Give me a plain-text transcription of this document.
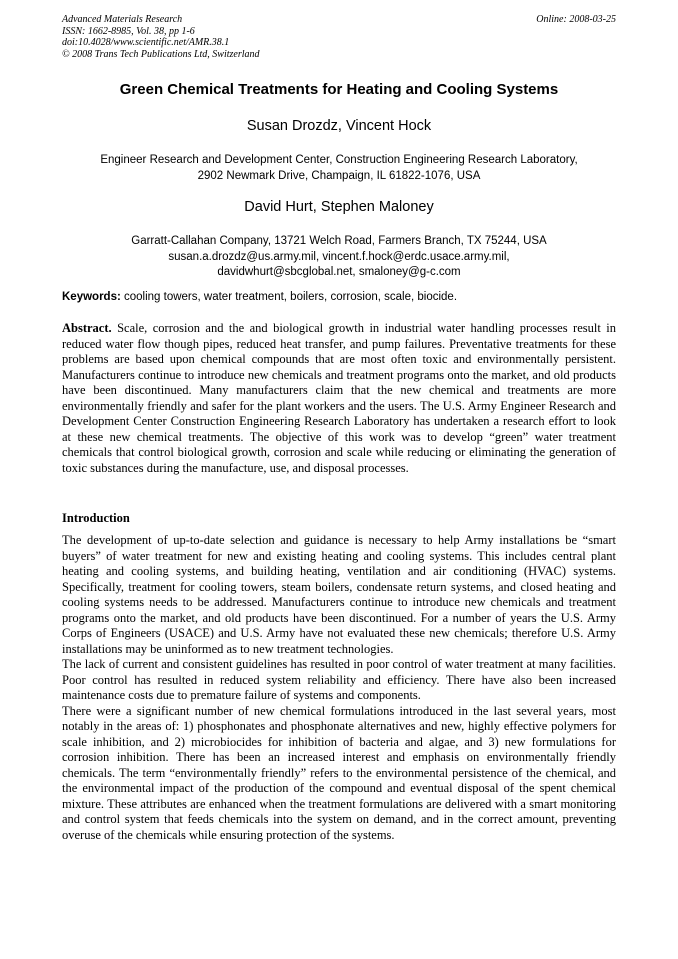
Advanced Materials Research
ISSN: 1662-8985, Vol. 38, pp 1-6
doi:10.4028/www.scientific.net/AMR.38.1
© 2008 Trans Tech Publications Ltd, Switzerland
Online: 2008-03-25
Green Chemical Treatments for Heating and Cooling Systems
Susan Drozdz, Vincent Hock
Engineer Research and Development Center, Construction Engineering Research Laboratory,
2902 Newmark Drive, Champaign, IL 61822-1076, USA
David Hurt, Stephen Maloney
Garratt-Callahan Company, 13721 Welch Road, Farmers Branch, TX 75244, USA
susan.a.drozdz@us.army.mil, vincent.f.hock@erdc.usace.army.mil,
davidwhurt@sbcglobal.net, smaloney@g-c.com
Keywords: cooling towers, water treatment, boilers, corrosion, scale, biocide.
Abstract. Scale, corrosion and the and biological growth in industrial water handling processes result in reduced water flow though pipes, reduced heat transfer, and pump failures. Preventative treatments for these problems are based upon chemical compounds that are most often toxic and environmentally persistent. Manufacturers continue to introduce new chemicals and treatment programs onto the market, and old products have been discontinued. Many manufacturers claim that the new chemical and treatments are more environmentally friendly and safer for the plant workers and the users. The U.S. Army Engineer Research and Development Center Construction Engineering Research Laboratory has undertaken a research effort to look at these new chemical treatments. The objective of this work was to develop “green” water treatment chemicals that control biological growth, corrosion and scale while reducing or eliminating the generation of toxic substances during the manufacture, use, and disposal processes.
Introduction

The development of up-to-date selection and guidance is necessary to help Army installations be “smart buyers” of water treatment for new and existing heating and cooling systems. This includes central plant heating and cooling systems, and building heating, ventilation and air conditioning (HVAC) systems. Specifically, treatment for cooling towers, steam boilers, condensate return systems, and closed heating and cooling systems needs to be addressed. Manufacturers continue to introduce new chemicals and treatment programs onto the market, and old products have been discontinued. For a number of years the U.S. Army Corps of Engineers (USACE) and U.S. Army have not evaluated these new chemicals; therefore U.S. Army installations may be uninformed as to new treatment technologies.

The lack of current and consistent guidelines has resulted in poor control of water treatment at many facilities. Poor control has resulted in reduced system reliability and efficiency. There have also been increased maintenance costs due to premature failure of systems and components.

There were a significant number of new chemical formulations introduced in the last several years, most notably in the areas of: 1) phosphonates and phosphonate alternatives and new, highly effective polymers for scale inhibition, and 2) microbiocides for inhibition of bacteria and algae, and 3) new formulations for corrosion inhibition. There has been an increased interest and emphasis on environmentally friendly chemicals. The term “environmentally friendly” refers to the environmental persistence of the chemical, and the environmental impact of the production of the compound and eventual disposal of the spent chemical mixture. These attributes are enhanced when the treatment formulations are delivered with a smart monitoring and control system that feeds chemicals into the system on demand, and in the correct amount, preventing overuse of the chemicals while ensuring protection of the systems.
